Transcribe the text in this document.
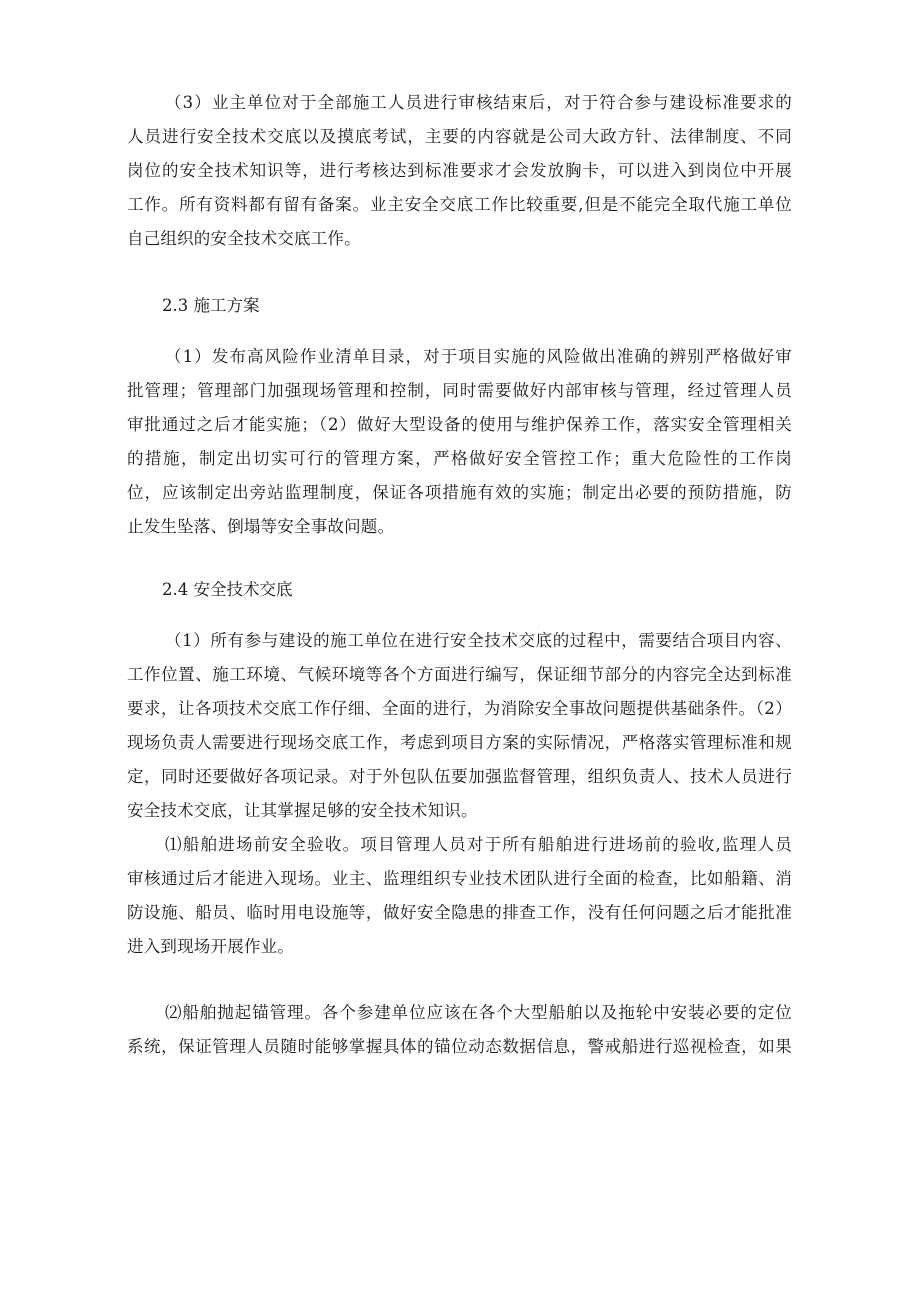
（3）业主单位对于全部施工人员进行审核结束后，对于符合参与建设标准要求的
人员进行安全技术交底以及摸底考试，主要的内容就是公司大政方针、法律制度、不同
岗位的安全技术知识等，进行考核达到标准要求才会发放胸卡，可以进入到岗位中开展
工作。所有资料都有留有备案。业主安全交底工作比较重要,但是不能完全取代施工单位
自己组织的安全技术交底工作。
2.3 施工方案
（1）发布高风险作业清单目录，对于项目实施的风险做出准确的辨别严格做好审
批管理；管理部门加强现场管理和控制，同时需要做好内部审核与管理，经过管理人员
审批通过之后才能实施；（2）做好大型设备的使用与维护保养工作，落实安全管理相关
的措施，制定出切实可行的管理方案，严格做好安全管控工作；重大危险性的工作岗
位，应该制定出旁站监理制度，保证各项措施有效的实施；制定出必要的预防措施，防
止发生坠落、倒塌等安全事故问题。
2.4 安全技术交底
（1）所有参与建设的施工单位在进行安全技术交底的过程中，需要结合项目内容、
工作位置、施工环境、气候环境等各个方面进行编写，保证细节部分的内容完全达到标准
要求，让各项技术交底工作仔细、全面的进行，为消除安全事故问题提供基础条件。（2）
现场负责人需要进行现场交底工作，考虑到项目方案的实际情况，严格落实管理标准和规
定，同时还要做好各项记录。对于外包队伍要加强监督管理，组织负责人、技术人员进行
安全技术交底，让其掌握足够的安全技术知识。
⑴船舶进场前安全验收。项目管理人员对于所有船舶进行进场前的验收,监理人员
审核通过后才能进入现场。业主、监理组织专业技术团队进行全面的检查，比如船籍、消
防设施、船员、临时用电设施等，做好安全隐患的排查工作，没有任何问题之后才能批准
进入到现场开展作业。
⑵船舶抛起锚管理。各个参建单位应该在各个大型船舶以及拖轮中安装必要的定位
系统，保证管理人员随时能够掌握具体的锚位动态数据信息，警戒船进行巡视检查，如果
